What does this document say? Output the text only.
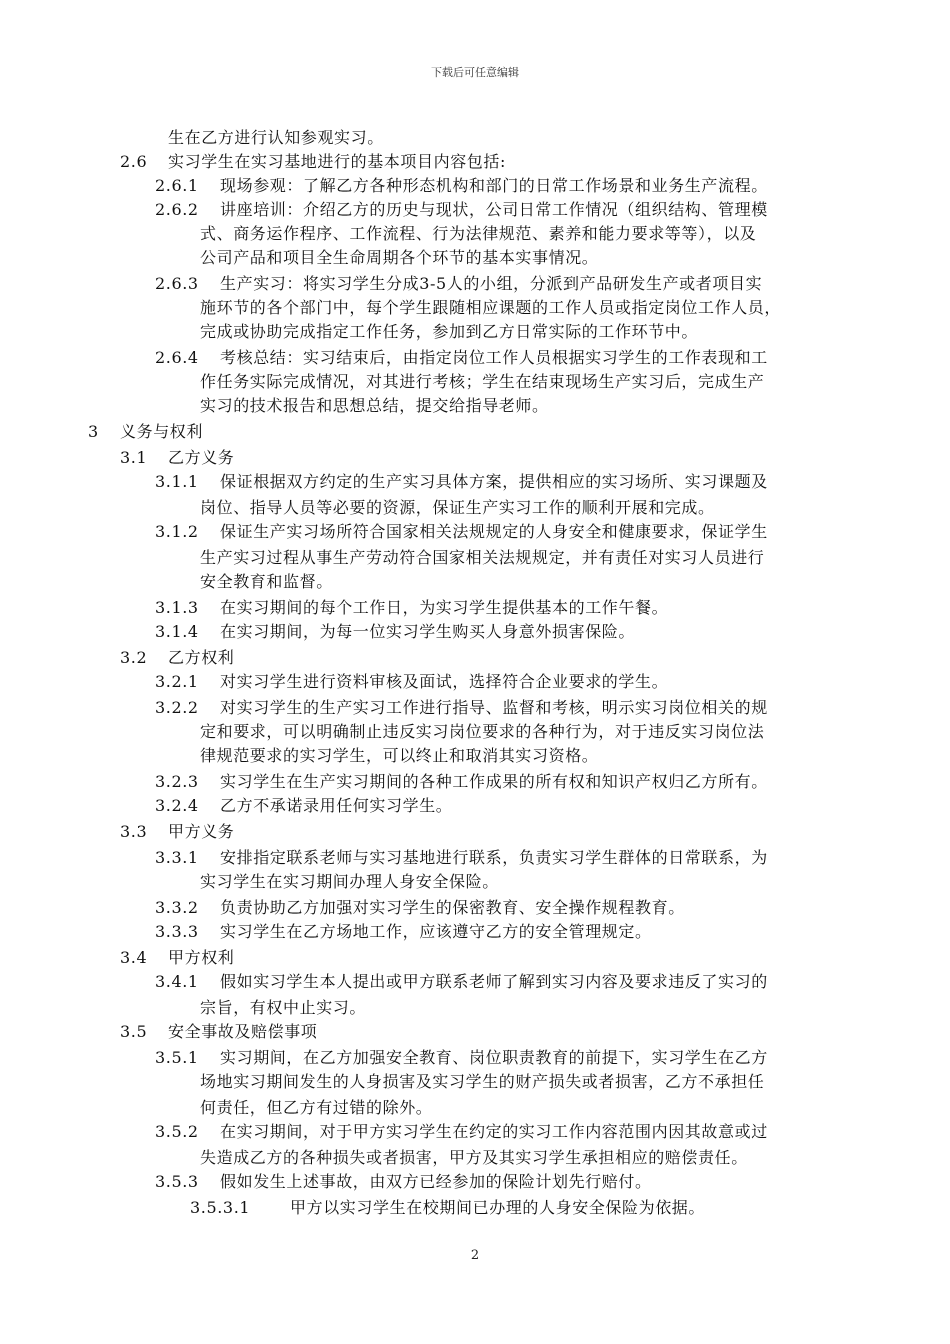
下载后可任意编辑
生在乙方进行认知参观实习。
2.6 实习学生在实习基地进行的基本项目内容包括:
2.6.1 现场参观：了解乙方各种形态机构和部门的日常工作场景和业务生产流程。
2.6.2 讲座培训：介绍乙方的历史与现状，公司日常工作情况（组织结构、管理模
式、商务运作程序、工作流程、行为法律规范、素养和能力要求等等），以及
公司产品和项目全生命周期各个环节的基本实事情况。
2.6.3 生产实习：将实习学生分成3-5人的小组，分派到产品研发生产或者项目实
施环节的各个部门中，每个学生跟随相应课题的工作人员或指定岗位工作人员，
完成或协助完成指定工作任务，参加到乙方日常实际的工作环节中。
2.6.4 考核总结：实习结束后，由指定岗位工作人员根据实习学生的工作表现和工
作任务实际完成情况，对其进行考核；学生在结束现场生产实习后，完成生产
实习的技术报告和思想总结，提交给指导老师。
3 义务与权利
3.1 乙方义务
3.1.1 保证根据双方约定的生产实习具体方案，提供相应的实习场所、实习课题及
岗位、指导人员等必要的资源，保证生产实习工作的顺利开展和完成。
3.1.2 保证生产实习场所符合国家相关法规规定的人身安全和健康要求，保证学生
生产实习过程从事生产劳动符合国家相关法规规定，并有责任对实习人员进行
安全教育和监督。
3.1.3 在实习期间的每个工作日，为实习学生提供基本的工作午餐。
3.1.4 在实习期间，为每一位实习学生购买人身意外损害保险。
3.2 乙方权利
3.2.1 对实习学生进行资料审核及面试，选择符合企业要求的学生。
3.2.2 对实习学生的生产实习工作进行指导、监督和考核，明示实习岗位相关的规
定和要求，可以明确制止违反实习岗位要求的各种行为，对于违反实习岗位法
律规范要求的实习学生，可以终止和取消其实习资格。
3.2.3 实习学生在生产实习期间的各种工作成果的所有权和知识产权归乙方所有。
3.2.4 乙方不承诺录用任何实习学生。
3.3 甲方义务
3.3.1 安排指定联系老师与实习基地进行联系，负责实习学生群体的日常联系，为
实习学生在实习期间办理人身安全保险。
3.3.2 负责协助乙方加强对实习学生的保密教育、安全操作规程教育。
3.3.3 实习学生在乙方场地工作，应该遵守乙方的安全管理规定。
3.4 甲方权利
3.4.1 假如实习学生本人提出或甲方联系老师了解到实习内容及要求违反了实习的
宗旨，有权中止实习。
3.5 安全事故及赔偿事项
3.5.1 实习期间，在乙方加强安全教育、岗位职责教育的前提下，实习学生在乙方
场地实习期间发生的人身损害及实习学生的财产损失或者损害，乙方不承担任
何责任，但乙方有过错的除外。
3.5.2 在实习期间，对于甲方实习学生在约定的实习工作内容范围内因其故意或过
失造成乙方的各种损失或者损害，甲方及其实习学生承担相应的赔偿责任。
3.5.3 假如发生上述事故，由双方已经参加的保险计划先行赔付。
3.5.3.1 甲方以实习学生在校期间已办理的人身安全保险为依据。
2
